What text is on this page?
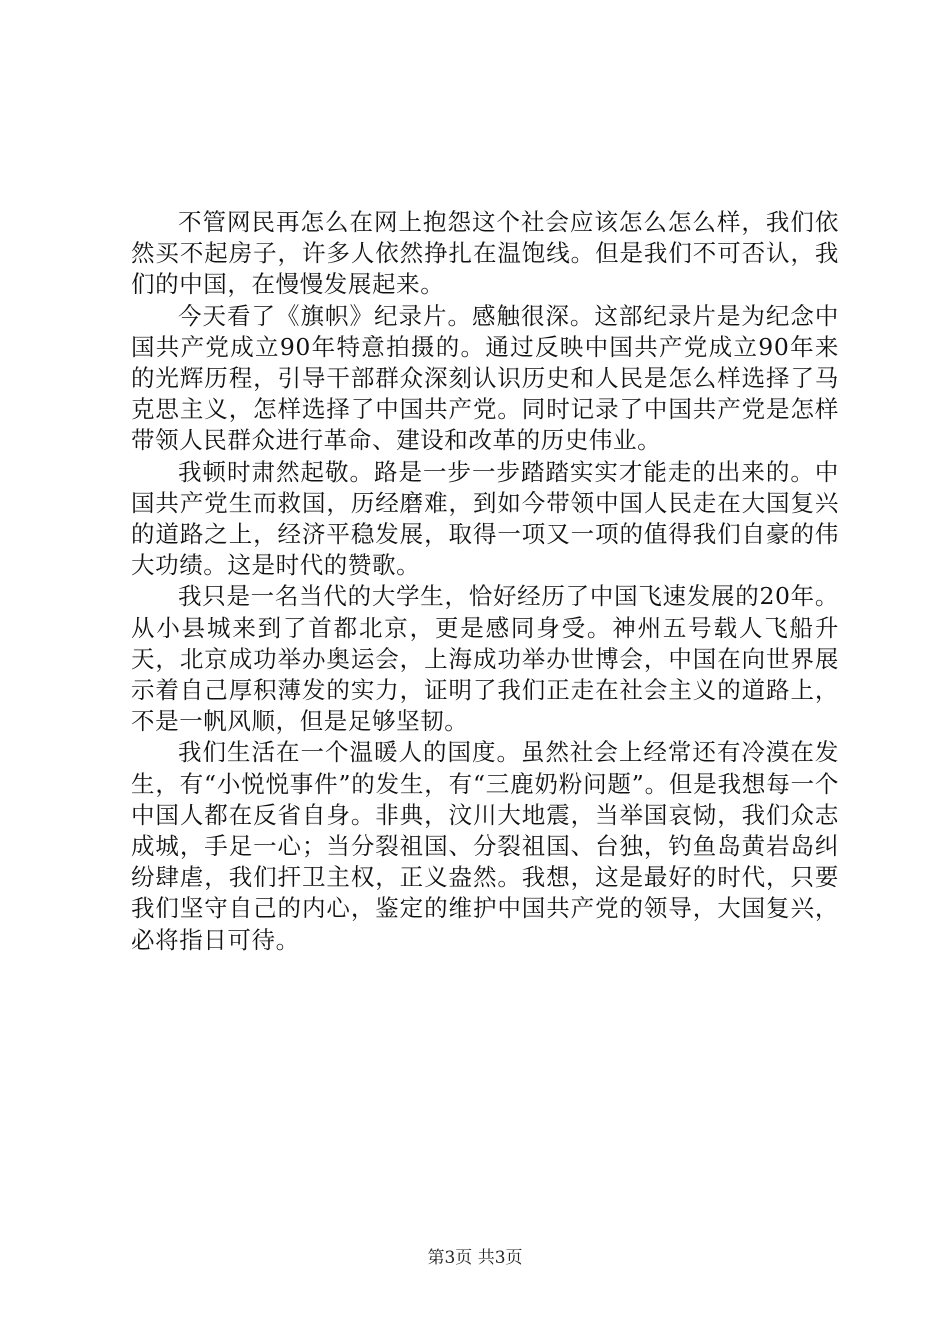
不管网民再怎么在网上抱怨这个社会应该怎么怎么样，我们依然买不起房子，许多人依然挣扎在温饱线。但是我们不可否认，我们的中国，在慢慢发展起来。

今天看了《旗帜》纪录片。感触很深。这部纪录片是为纪念中国共产党成立90年特意拍摄的。通过反映中国共产党成立90年来的光辉历程，引导干部群众深刻认识历史和人民是怎么样选择了马克思主义，怎样选择了中国共产党。同时记录了中国共产党是怎样带领人民群众进行革命、建设和改革的历史伟业。

我顿时肃然起敬。路是一步一步踏踏实实才能走的出来的。中国共产党生而救国，历经磨难，到如今带领中国人民走在大国复兴的道路之上，经济平稳发展，取得一项又一项的值得我们自豪的伟大功绩。这是时代的赞歌。

我只是一名当代的大学生，恰好经历了中国飞速发展的20年。从小县城来到了首都北京，更是感同身受。神州五号载人飞船升天，北京成功举办奥运会，上海成功举办世博会，中国在向世界展示着自己厚积薄发的实力，证明了我们正走在社会主义的道路上，不是一帆风顺，但是足够坚韧。

我们生活在一个温暖人的国度。虽然社会上经常还有冷漠在发生，有“小悦悦事件”的发生，有“三鹿奶粉问题”。但是我想每一个中国人都在反省自身。非典，汶川大地震，当举国哀恸，我们众志成城，手足一心；当分裂祖国、分裂祖国、台独，钓鱼岛黄岩岛纠纷肆虐，我们扞卫主权，正义盎然。我想，这是最好的时代，只要我们坚守自己的内心，鉴定的维护中国共产党的领导，大国复兴，必将指日可待。

第3页 共3页
